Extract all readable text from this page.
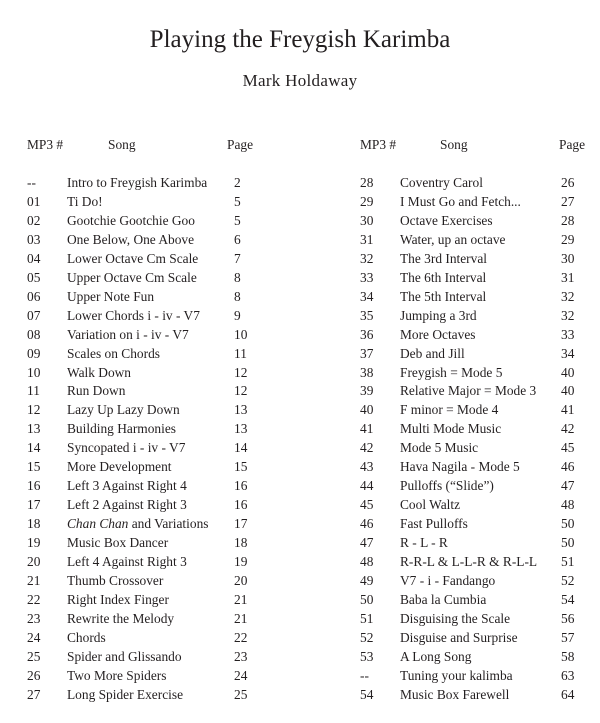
Playing the Freygish Karimba
Mark Holdaway
MP3 #	Song	Page	MP3 #	Song	Page
-- Intro to Freygish Karimba 2
01 Ti Do!	5
02 Gootchie Gootchie Goo	5
03 One Below, One Above	6
04 Lower Octave Cm Scale	7
05 Upper Octave Cm Scale	8
06 Upper Note Fun	8
07 Lower Chords i - iv - V7	9
08 Variation on i - iv - V7	10
09 Scales on Chords	11
10 Walk Down	12
11 Run Down	12
12 Lazy Up Lazy Down	13
13 Building Harmonies	13
14 Syncopated i - iv - V7	14
15 More Development	15
16 Left 3 Against Right 4	16
17 Left 2 Against Right 3	16
18 Chan Chan and Variations 17
19 Music Box Dancer	18
20 Left 4 Against Right 3	19
21 Thumb Crossover	20
22 Right Index Finger	21
23 Rewrite the Melody	21
24 Chords	22
25 Spider and Glissando	23
26 Two More Spiders	24
27 Long Spider Exercise	25
28 Coventry Carol	26
29 I Must Go and Fetch...	27
30 Octave Exercises	28
31 Water, up an octave	29
32 The 3rd Interval	30
33 The 6th Interval	31
34 The 5th Interval	32
35 Jumping a 3rd	32
36 More Octaves	33
37 Deb and Jill	34
38 Freygish = Mode 5	40
39 Relative Major = Mode 3 40
40 F minor = Mode 4	41
41 Multi Mode Music	42
42 Mode 5 Music	45
43 Hava Nagila - Mode 5	46
44 Pulloffs (“Slide”)	47
45 Cool Waltz	48
46 Fast Pulloffs	50
47 R - L - R	50
48 R-R-L & L-L-R & R-L-L 51
49 V7 - i - Fandango	52
50 Baba la Cumbia	54
51 Disguising the Scale	56
52 Disguise and Surprise	57
53 A Long Song	58
-- Tuning your kalimba	63
54 Music Box Farewell	64
